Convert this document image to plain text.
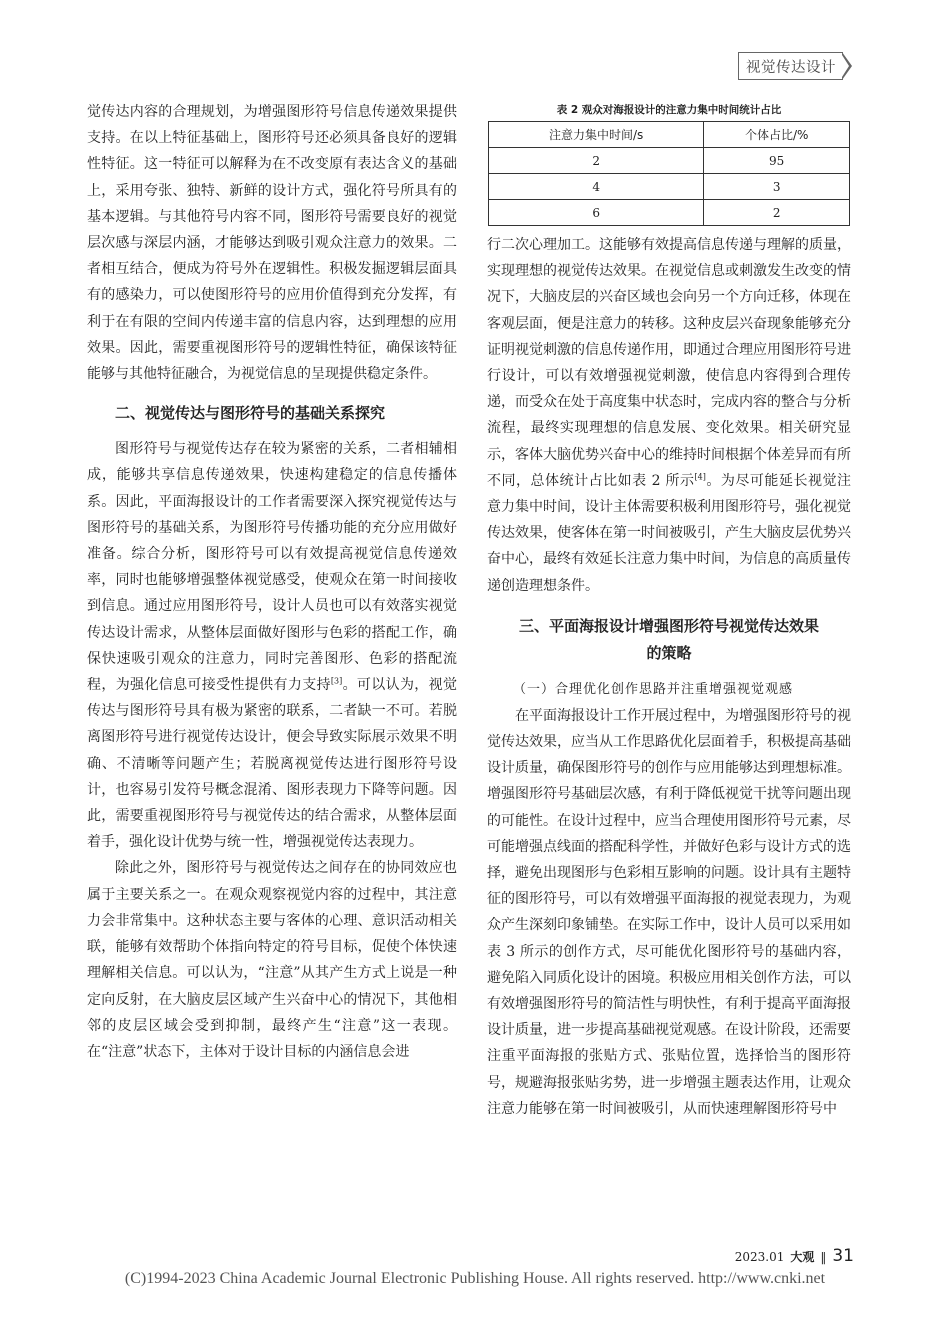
视觉传达设计

觉传达内容的合理规划，为增强图形符号信息传递效果提供支持。在以上特征基础上，图形符号还必须具备良好的逻辑性特征。这一特征可以解释为在不改变原有表达含义的基础上，采用夸张、独特、新鲜的设计方式，强化符号所具有的基本逻辑。与其他符号内容不同，图形符号需要良好的视觉层次感与深层内涵，才能够达到吸引观众注意力的效果。二者相互结合，便成为符号外在逻辑性。积极发掘逻辑层面具有的感染力，可以使图形符号的应用价值得到充分发挥，有利于在有限的空间内传递丰富的信息内容，达到理想的应用效果。因此，需要重视图形符号的逻辑性特征，确保该特征能够与其他特征融合，为视觉信息的呈现提供稳定条件。

二、视觉传达与图形符号的基础关系探究

图形符号与视觉传达存在较为紧密的关系，二者相辅相成，能够共享信息传递效果，快速构建稳定的信息传播体系。因此，平面海报设计的工作者需要深入探究视觉传达与图形符号的基础关系，为图形符号传播功能的充分应用做好准备。综合分析，图形符号可以有效提高视觉信息传递效率，同时也能够增强整体视觉感受，使观众在第一时间接收到信息。通过应用图形符号，设计人员也可以有效落实视觉传达设计需求，从整体层面做好图形与色彩的搭配工作，确保快速吸引观众的注意力，同时完善图形、色彩的搭配流程，为强化信息可接受性提供有力支持[3]。可以认为，视觉传达与图形符号具有极为紧密的联系，二者缺一不可。若脱离图形符号进行视觉传达设计，便会导致实际展示效果不明确、不清晰等问题产生；若脱离视觉传达进行图形符号设计，也容易引发符号概念混淆、图形表现力下降等问题。因此，需要重视图形符号与视觉传达的结合需求，从整体层面着手，强化设计优势与统一性，增强视觉传达表现力。

除此之外，图形符号与视觉传达之间存在的协同效应也属于主要关系之一。在观众观察视觉内容的过程中，其注意力会非常集中。这种状态主要与客体的心理、意识活动相关联，能够有效帮助个体指向特定的符号目标，促使个体快速理解相关信息。可以认为，“注意”从其产生方式上说是一种定向反射，在大脑皮层区域产生兴奋中心的情况下，其他相邻的皮层区域会受到抑制，最终产生“注意”这一表现。在“注意”状态下，主体对于设计目标的内涵信息会进

表 2 观众对海报设计的注意力集中时间统计占比
注意力集中时间/s	个体占比/%
2	95
4	3
6	2

行二次心理加工。这能够有效提高信息传递与理解的质量，实现理想的视觉传达效果。在视觉信息或刺激发生改变的情况下，大脑皮层的兴奋区域也会向另一个方向迁移，体现在客观层面，便是注意力的转移。这种皮层兴奋现象能够充分证明视觉刺激的信息传递作用，即通过合理应用图形符号进行设计，可以有效增强视觉刺激，使信息内容得到合理传递，而受众在处于高度集中状态时，完成内容的整合与分析流程，最终实现理想的信息发展、变化效果。相关研究显示，客体大脑优势兴奋中心的维持时间根据个体差异而有所不同，总体统计占比如表 2 所示[4]。为尽可能延长视觉注意力集中时间，设计主体需要积极利用图形符号，强化视觉传达效果，使客体在第一时间被吸引，产生大脑皮层优势兴奋中心，最终有效延长注意力集中时间，为信息的高质量传递创造理想条件。

三、平面海报设计增强图形符号视觉传达效果
的策略
（一）合理优化创作思路并注重增强视觉观感

在平面海报设计工作开展过程中，为增强图形符号的视觉传达效果，应当从工作思路优化层面着手，积极提高基础设计质量，确保图形符号的创作与应用能够达到理想标准。增强图形符号基础层次感，有利于降低视觉干扰等问题出现的可能性。在设计过程中，应当合理使用图形符号元素，尽可能增强点线面的搭配科学性，并做好色彩与设计方式的选择，避免出现图形与色彩相互影响的问题。设计具有主题特征的图形符号，可以有效增强平面海报的视觉表现力，为观众产生深刻印象铺垫。在实际工作中，设计人员可以采用如表 3 所示的创作方式，尽可能优化图形符号的基础内容，避免陷入同质化设计的困境。积极应用相关创作方法，可以有效增强图形符号的简洁性与明快性，有利于提高平面海报设计质量，进一步提高基础视觉观感。在设计阶段，还需要注重平面海报的张贴方式、张贴位置，选择恰当的图形符号，规避海报张贴劣势，进一步增强主题表达作用，让观众注意力能够在第一时间被吸引，从而快速理解图形符号中

2023.01 大观 ‖ 31
(C)1994-2023 China Academic Journal Electronic Publishing House. All rights reserved. http://www.cnki.net
